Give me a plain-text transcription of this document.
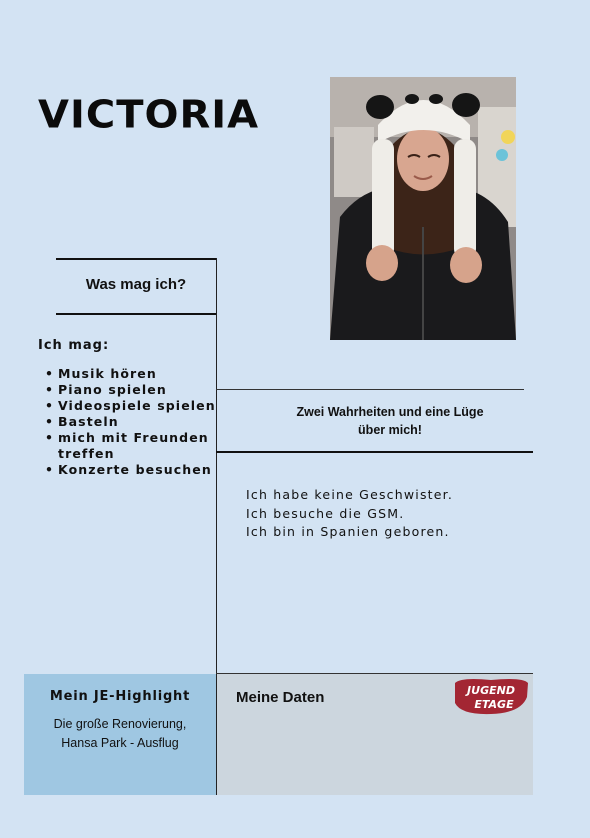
VICTORIA
Was mag ich?
Ich mag:
• Musik hören
• Piano spielen
• Videospiele spielen
• Basteln
• mich mit Freunden treffen
• Konzerte besuchen
Zwei Wahrheiten und eine Lüge
über mich!
Ich habe keine Geschwister.
Ich besuche die GSM.
Ich bin in Spanien geboren.
Mein JE-Highlight
Die große Renovierung,
Hansa Park - Ausflug
Meine Daten	JUGEND
ETAGE
